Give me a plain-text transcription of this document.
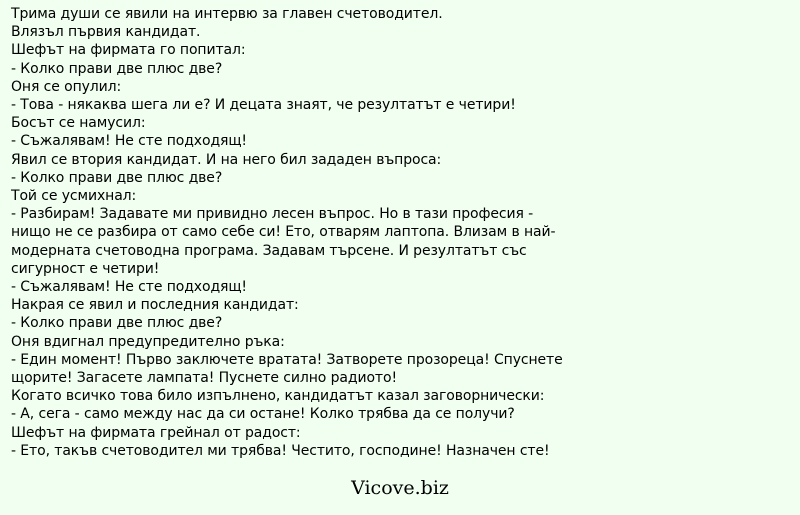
Трима души се явили на интервю за главен счетоводител.
Влязъл първия кандидат.
Шефът на фирмата го попитал:
- Колко прави две плюс две?
Оня се опулил:
- Това - някаква шега ли е? И децата знаят, че резултатът е четири!
Босът се намусил:
- Съжалявам! Не сте подходящ!
Явил се втория кандидат. И на него бил зададен въпроса:
- Колко прави две плюс две?
Той се усмихнал:
- Разбирам! Задавате ми привидно лесен въпрос. Но в тази професия - нищо не се разбира от само себе си! Ето, отварям лаптопа. Влизам в най-модерната счетоводна програма. Задавам търсене. И резултатът със сигурност е четири!
- Съжалявам! Не сте подходящ!
Накрая се явил и последния кандидат:
- Колко прави две плюс две?
Оня вдигнал предупредително ръка:
- Един момент! Първо заключете вратата! Затворете прозореца! Спуснете щорите! Загасете лампата! Пуснете силно радиото!
Когато всичко това било изпълнено, кандидатът казал заговорнически:
- А, сега - само между нас да си остане! Колко трябва да се получи?
Шефът на фирмата грейнал от радост:
- Ето, такъв счетоводител ми трябва! Честито, господине! Назначен сте!
Vicove.biz
